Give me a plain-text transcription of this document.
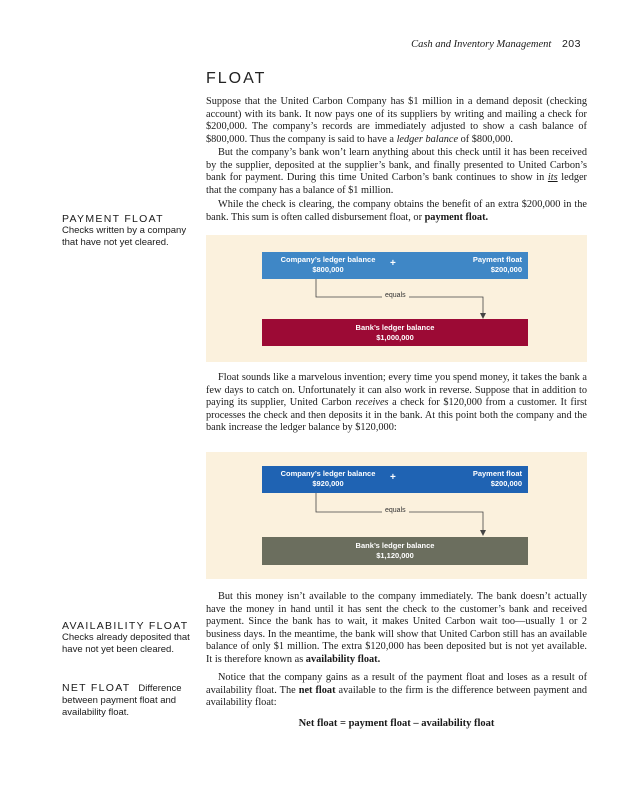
Cash and Inventory Management 203
FLOAT

Suppose that the United Carbon Company has $1 million in a demand deposit (checking account) with its bank. It now pays one of its suppliers by writing and mailing a check for $200,000. The company’s records are immediately adjusted to show a cash balance of $800,000. Thus the company is said to have a ledger balance of $800,000.

But the company’s bank won’t learn anything about this check until it has been received by the supplier, deposited at the supplier’s bank, and finally presented to United Carbon’s bank for payment. During this time United Carbon’s bank continues to show in its ledger that the company has a balance of $1 million.

While the check is clearing, the company obtains the benefit of an extra $200,000 in the bank. This sum is often called disbursement float, or payment float.

Company’s ledger balance
$800,000
+	Payment float
$200,000
equals
Bank’s ledger balance
$1,000,000

Float sounds like a marvelous invention; every time you spend money, it takes the bank a few days to catch on. Unfortunately it can also work in reverse. Suppose that in addition to paying its supplier, United Carbon receives a check for $120,000 from a customer. It first processes the check and then deposits it in the bank. At this point both the company and the bank increase the ledger balance by $120,000:

Company’s ledger balance
$920,000
+	Payment float
$200,000
equals
Bank’s ledger balance
$1,120,000

But this money isn’t available to the company immediately. The bank doesn’t actually have the money in hand until it has sent the check to the customer’s bank and received payment. Since the bank has to wait, it makes United Carbon wait too—usually 1 or 2 business days. In the meantime, the bank will show that United Carbon still has an available balance of only $1 million. The extra $120,000 has been deposited but is not yet available. It is therefore known as availability float.

Notice that the company gains as a result of the payment float and loses as a result of availability float. The net float available to the firm is the difference between payment and availability float:

Net float = payment float – availability float
PAYMENT FLOAT
Checks written by a company that have not yet cleared.
AVAILABILITY FLOAT
Checks already deposited that have not yet been cleared.
NET FLOAT Difference between payment float and availability float.
